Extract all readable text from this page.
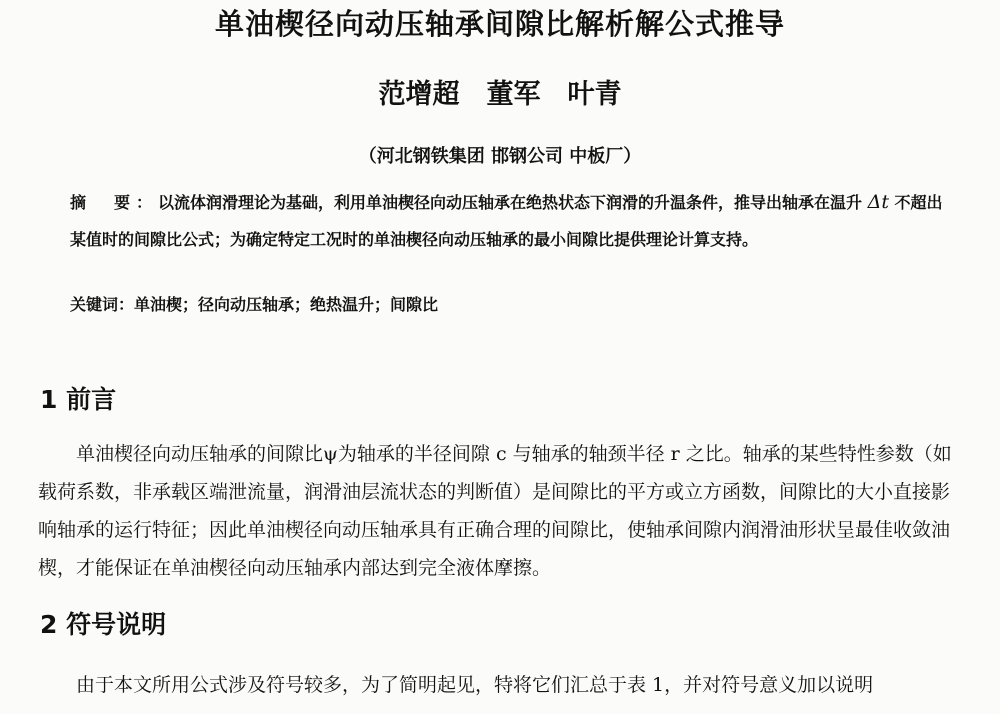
单油楔径向动压轴承间隙比解析解公式推导
范增超　董军　叶青
（河北钢铁集团 邯钢公司 中板厂）
摘　要：以流体润滑理论为基础，利用单油楔径向动压轴承在绝热状态下润滑的升温条件，推导出轴承在温升 Δt 不超出某值时的间隙比公式；为确定特定工况时的单油楔径向动压轴承的最小间隙比提供理论计算支持。
关键词：单油楔；径向动压轴承；绝热温升；间隙比
1 前言
单油楔径向动压轴承的间隙比ψ为轴承的半径间隙 c 与轴承的轴颈半径 r 之比。轴承的某些特性参数（如载荷系数，非承载区端泄流量，润滑油层流状态的判断值）是间隙比的平方或立方函数，间隙比的大小直接影响轴承的运行特征；因此单油楔径向动压轴承具有正确合理的间隙比，使轴承间隙内润滑油形状呈最佳收敛油楔，才能保证在单油楔径向动压轴承内部达到完全液体摩擦。
2 符号说明
由于本文所用公式涉及符号较多，为了简明起见，特将它们汇总于表 1，并对符号意义加以说明
